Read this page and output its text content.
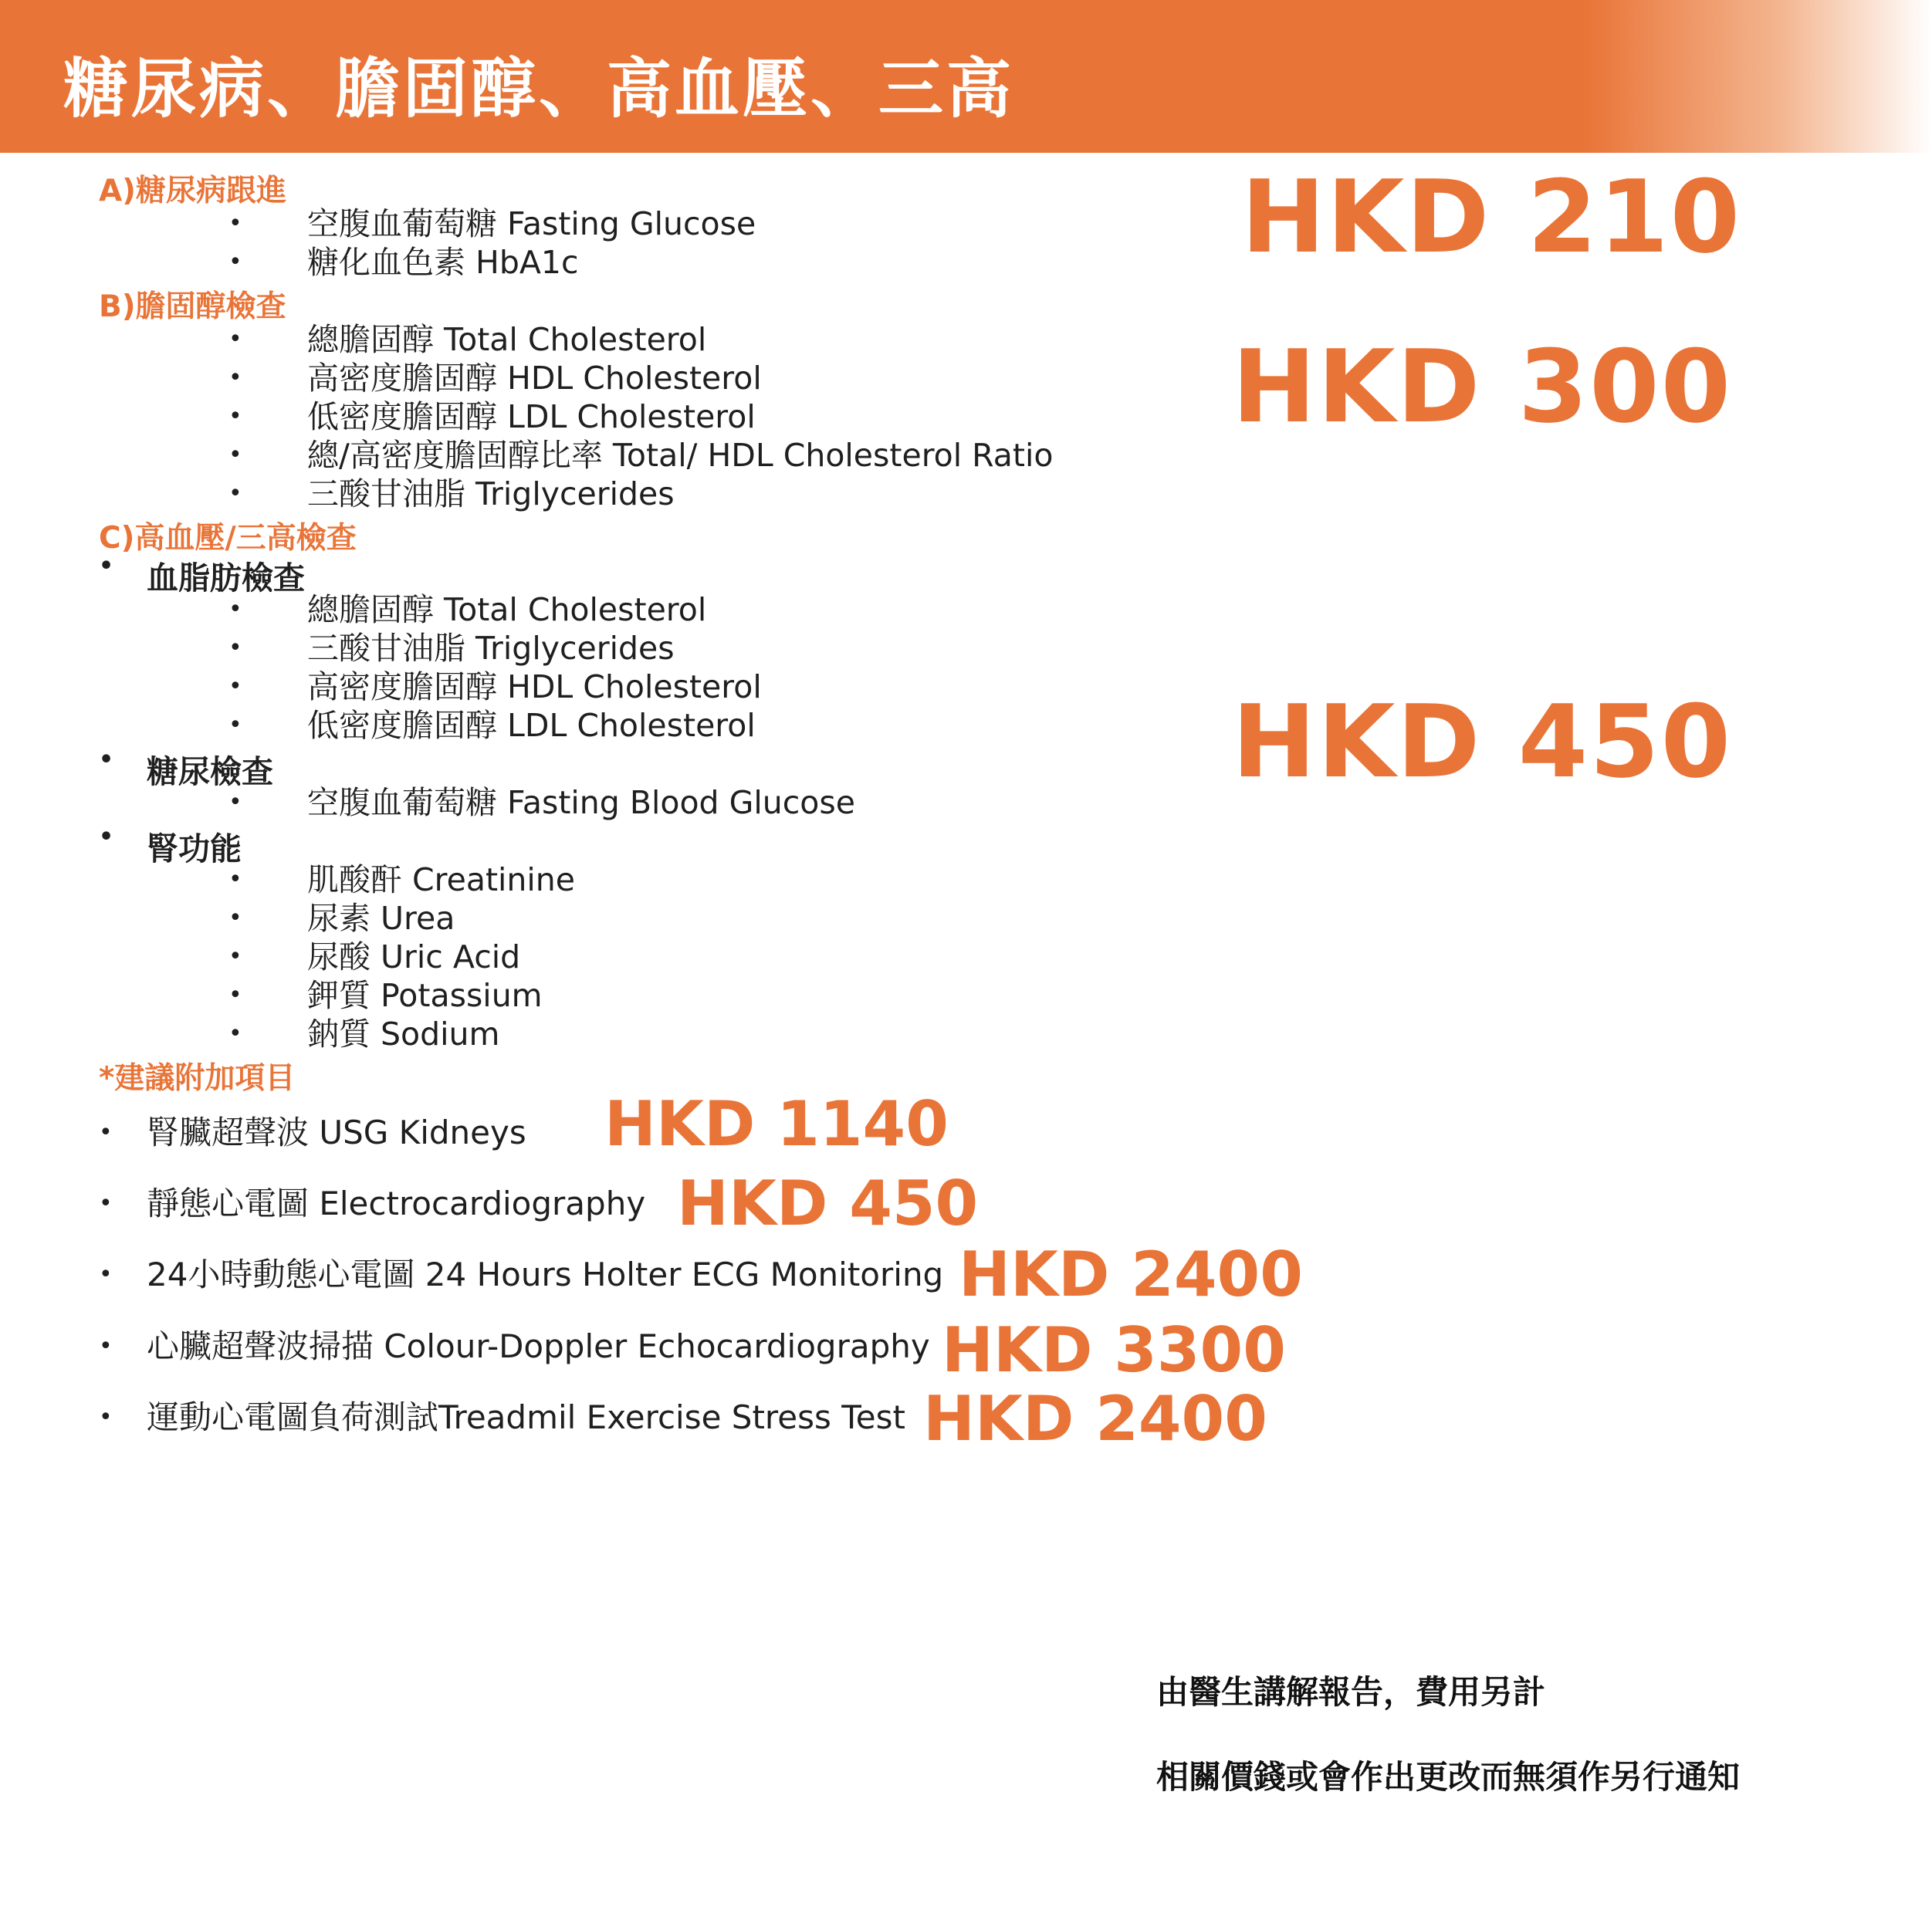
糖尿病、膽固醇、高血壓、三高
A)糖尿病跟進
• 空腹血葡萄糖 Fasting Glucose
• 糖化血色素 HbA1c	HKD 210
B)膽固醇檢查
• 總膽固醇 Total Cholesterol
• 高密度膽固醇 HDL Cholesterol
• 低密度膽固醇 LDL Cholesterol
• 總/高密度膽固醇比率 Total/ HDL Cholesterol Ratio
• 三酸甘油脂 Triglycerides
HKD 300
C)高血壓/三高檢查
• 血脂肪檢查
• 總膽固醇 Total Cholesterol
• 三酸甘油脂 Triglycerides
• 高密度膽固醇 HDL Cholesterol
• 低密度膽固醇 LDL Cholesterol
• 糖尿檢查
• 空腹血葡萄糖 Fasting Blood Glucose
• 腎功能
• 肌酸酐 Creatinine
• 尿素 Urea
• 尿酸 Uric Acid
• 鉀質 Potassium
• 鈉質 Sodium
HKD 450
*建議附加項目
• 腎臟超聲波 USG Kidneys HKD 1140
• 靜態心電圖 Electrocardiography HKD 450
• 24小時動態心電圖 24 Hours Holter ECG Monitoring HKD 2400
• 心臟超聲波掃描 Colour-Doppler Echocardiography HKD 3300
• 運動心電圖負荷測試Treadmil Exercise Stress Test HKD 2400
由醫生講解報告，費用另計
相關價錢或會作出更改而無須作另行通知
